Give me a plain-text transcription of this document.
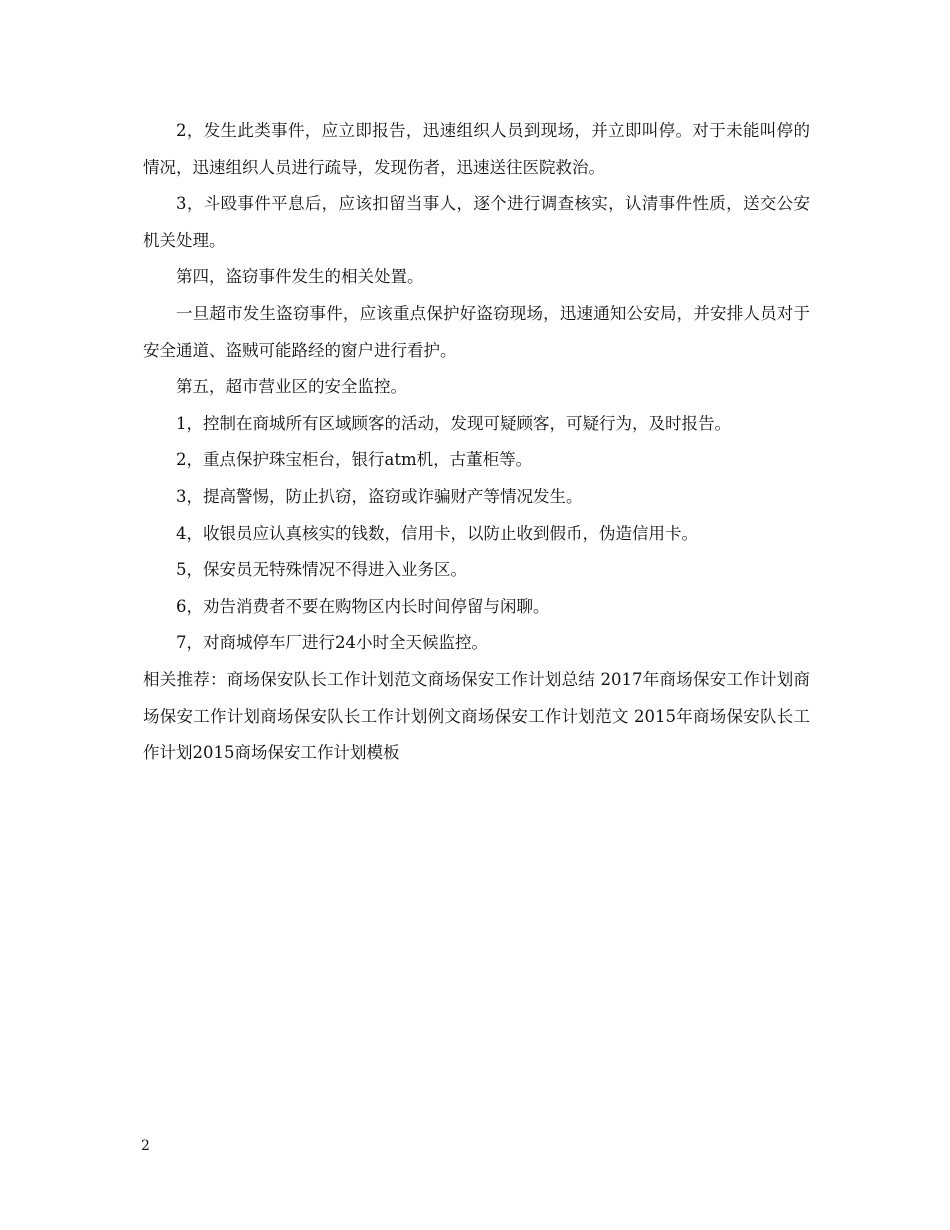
2，发生此类事件，应立即报告，迅速组织人员到现场，并立即叫停。对于未能叫停的情况，迅速组织人员进行疏导，发现伤者，迅速送往医院救治。

3，斗殴事件平息后，应该扣留当事人，逐个进行调查核实，认清事件性质，送交公安机关处理。

第四，盗窃事件发生的相关处置。

一旦超市发生盗窃事件，应该重点保护好盗窃现场，迅速通知公安局，并安排人员对于安全通道、盗贼可能路经的窗户进行看护。

第五，超市营业区的安全监控。

1，控制在商城所有区域顾客的活动，发现可疑顾客，可疑行为，及时报告。

2，重点保护珠宝柜台，银行atm机，古董柜等。

3，提高警惕，防止扒窃，盗窃或诈骗财产等情况发生。

4，收银员应认真核实的钱数，信用卡，以防止收到假币，伪造信用卡。

5，保安员无特殊情况不得进入业务区。

6，劝告消费者不要在购物区内长时间停留与闲聊。

7，对商城停车厂进行24小时全天候监控。

相关推荐：商场保安队长工作计划范文商场保安工作计划总结 2017年商场保安工作计划商场保安工作计划商场保安队长工作计划例文商场保安工作计划范文 2015年商场保安队长工作计划2015商场保安工作计划模板

2
